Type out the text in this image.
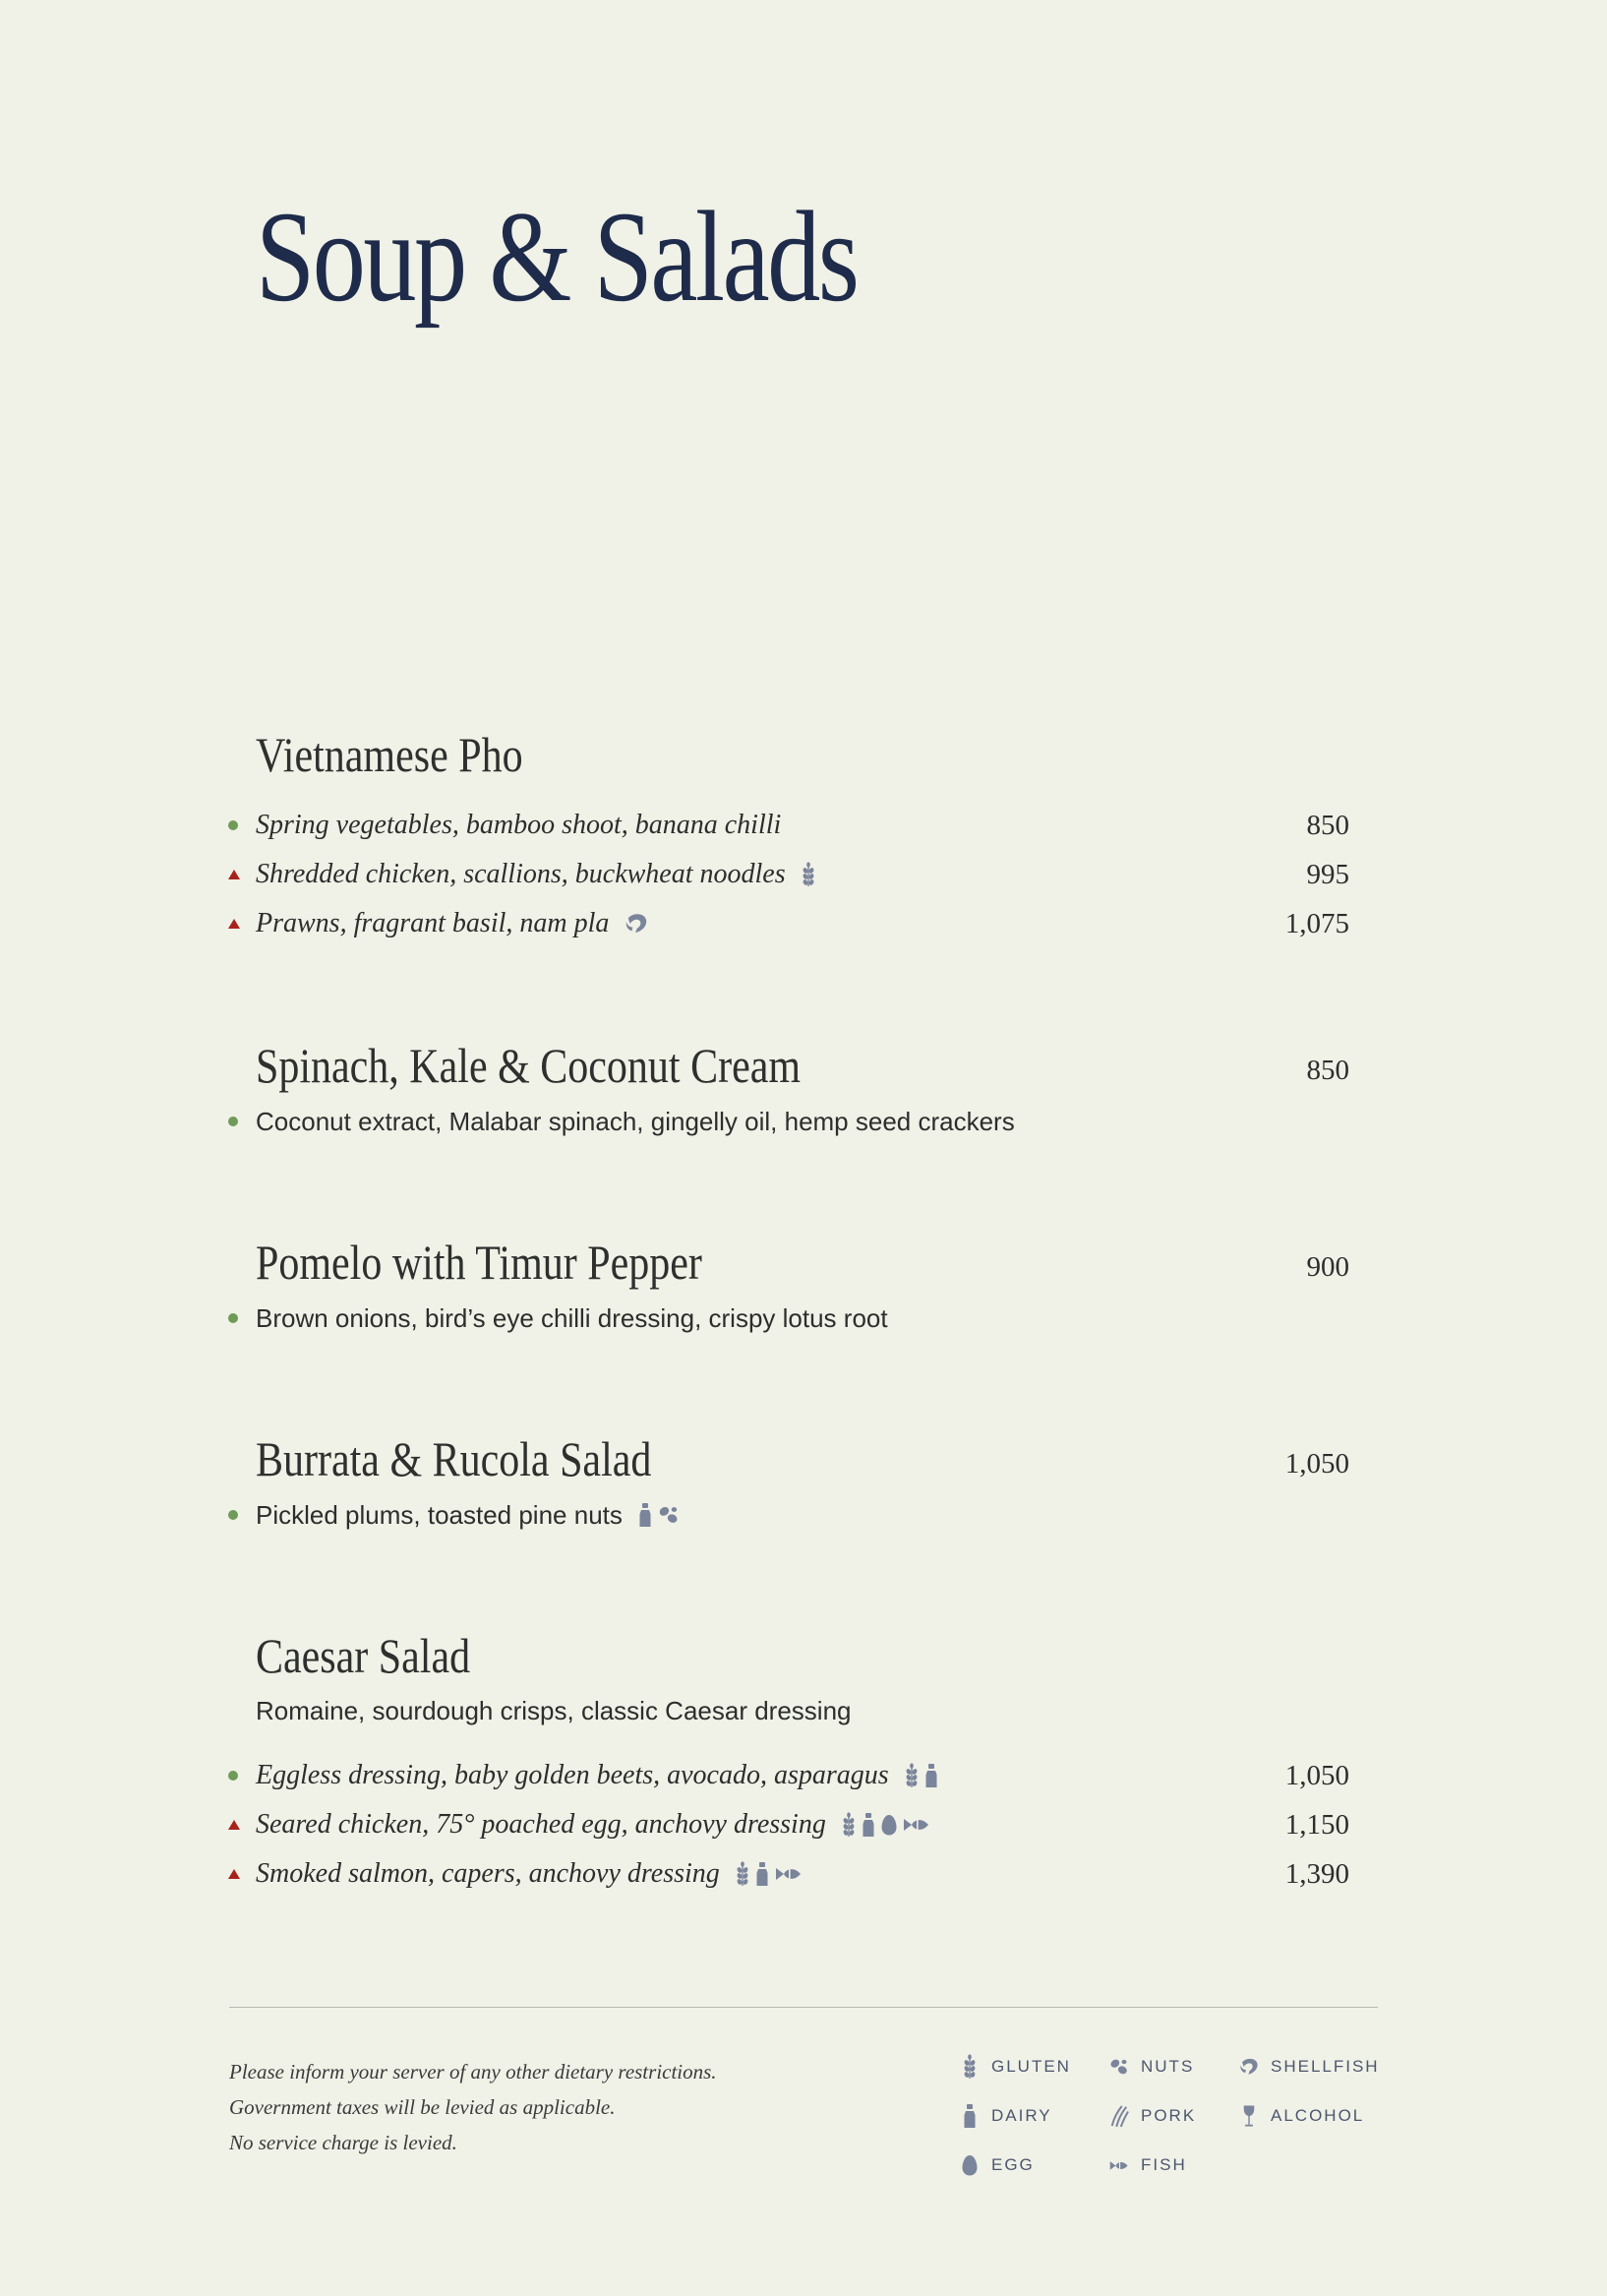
Soup & Salads
Vietnamese Pho
Spring vegetables, bamboo shoot, banana chilli	850
Shredded chicken, scallions, buckwheat noodles	995
Prawns, fragrant basil, nam pla	1,075
Spinach, Kale & Coconut Cream	850
Coconut extract, Malabar spinach, gingelly oil, hemp seed crackers
Pomelo with Timur Pepper	900
Brown onions, bird’s eye chilli dressing, crispy lotus root
Burrata & Rucola Salad	1,050
Pickled plums, toasted pine nuts
Caesar Salad
Romaine, sourdough crisps, classic Caesar dressing
Eggless dressing, baby golden beets, avocado, asparagus	1,050
Seared chicken, 75° poached egg, anchovy dressing	1,150
Smoked salmon, capers, anchovy dressing	1,390
Please inform your server of any other dietary restrictions.
Government taxes will be levied as applicable.
No service charge is levied.
GLUTEN	NUTS	SHELLFISH
DAIRY	PORK	ALCOHOL
EGG	FISH
